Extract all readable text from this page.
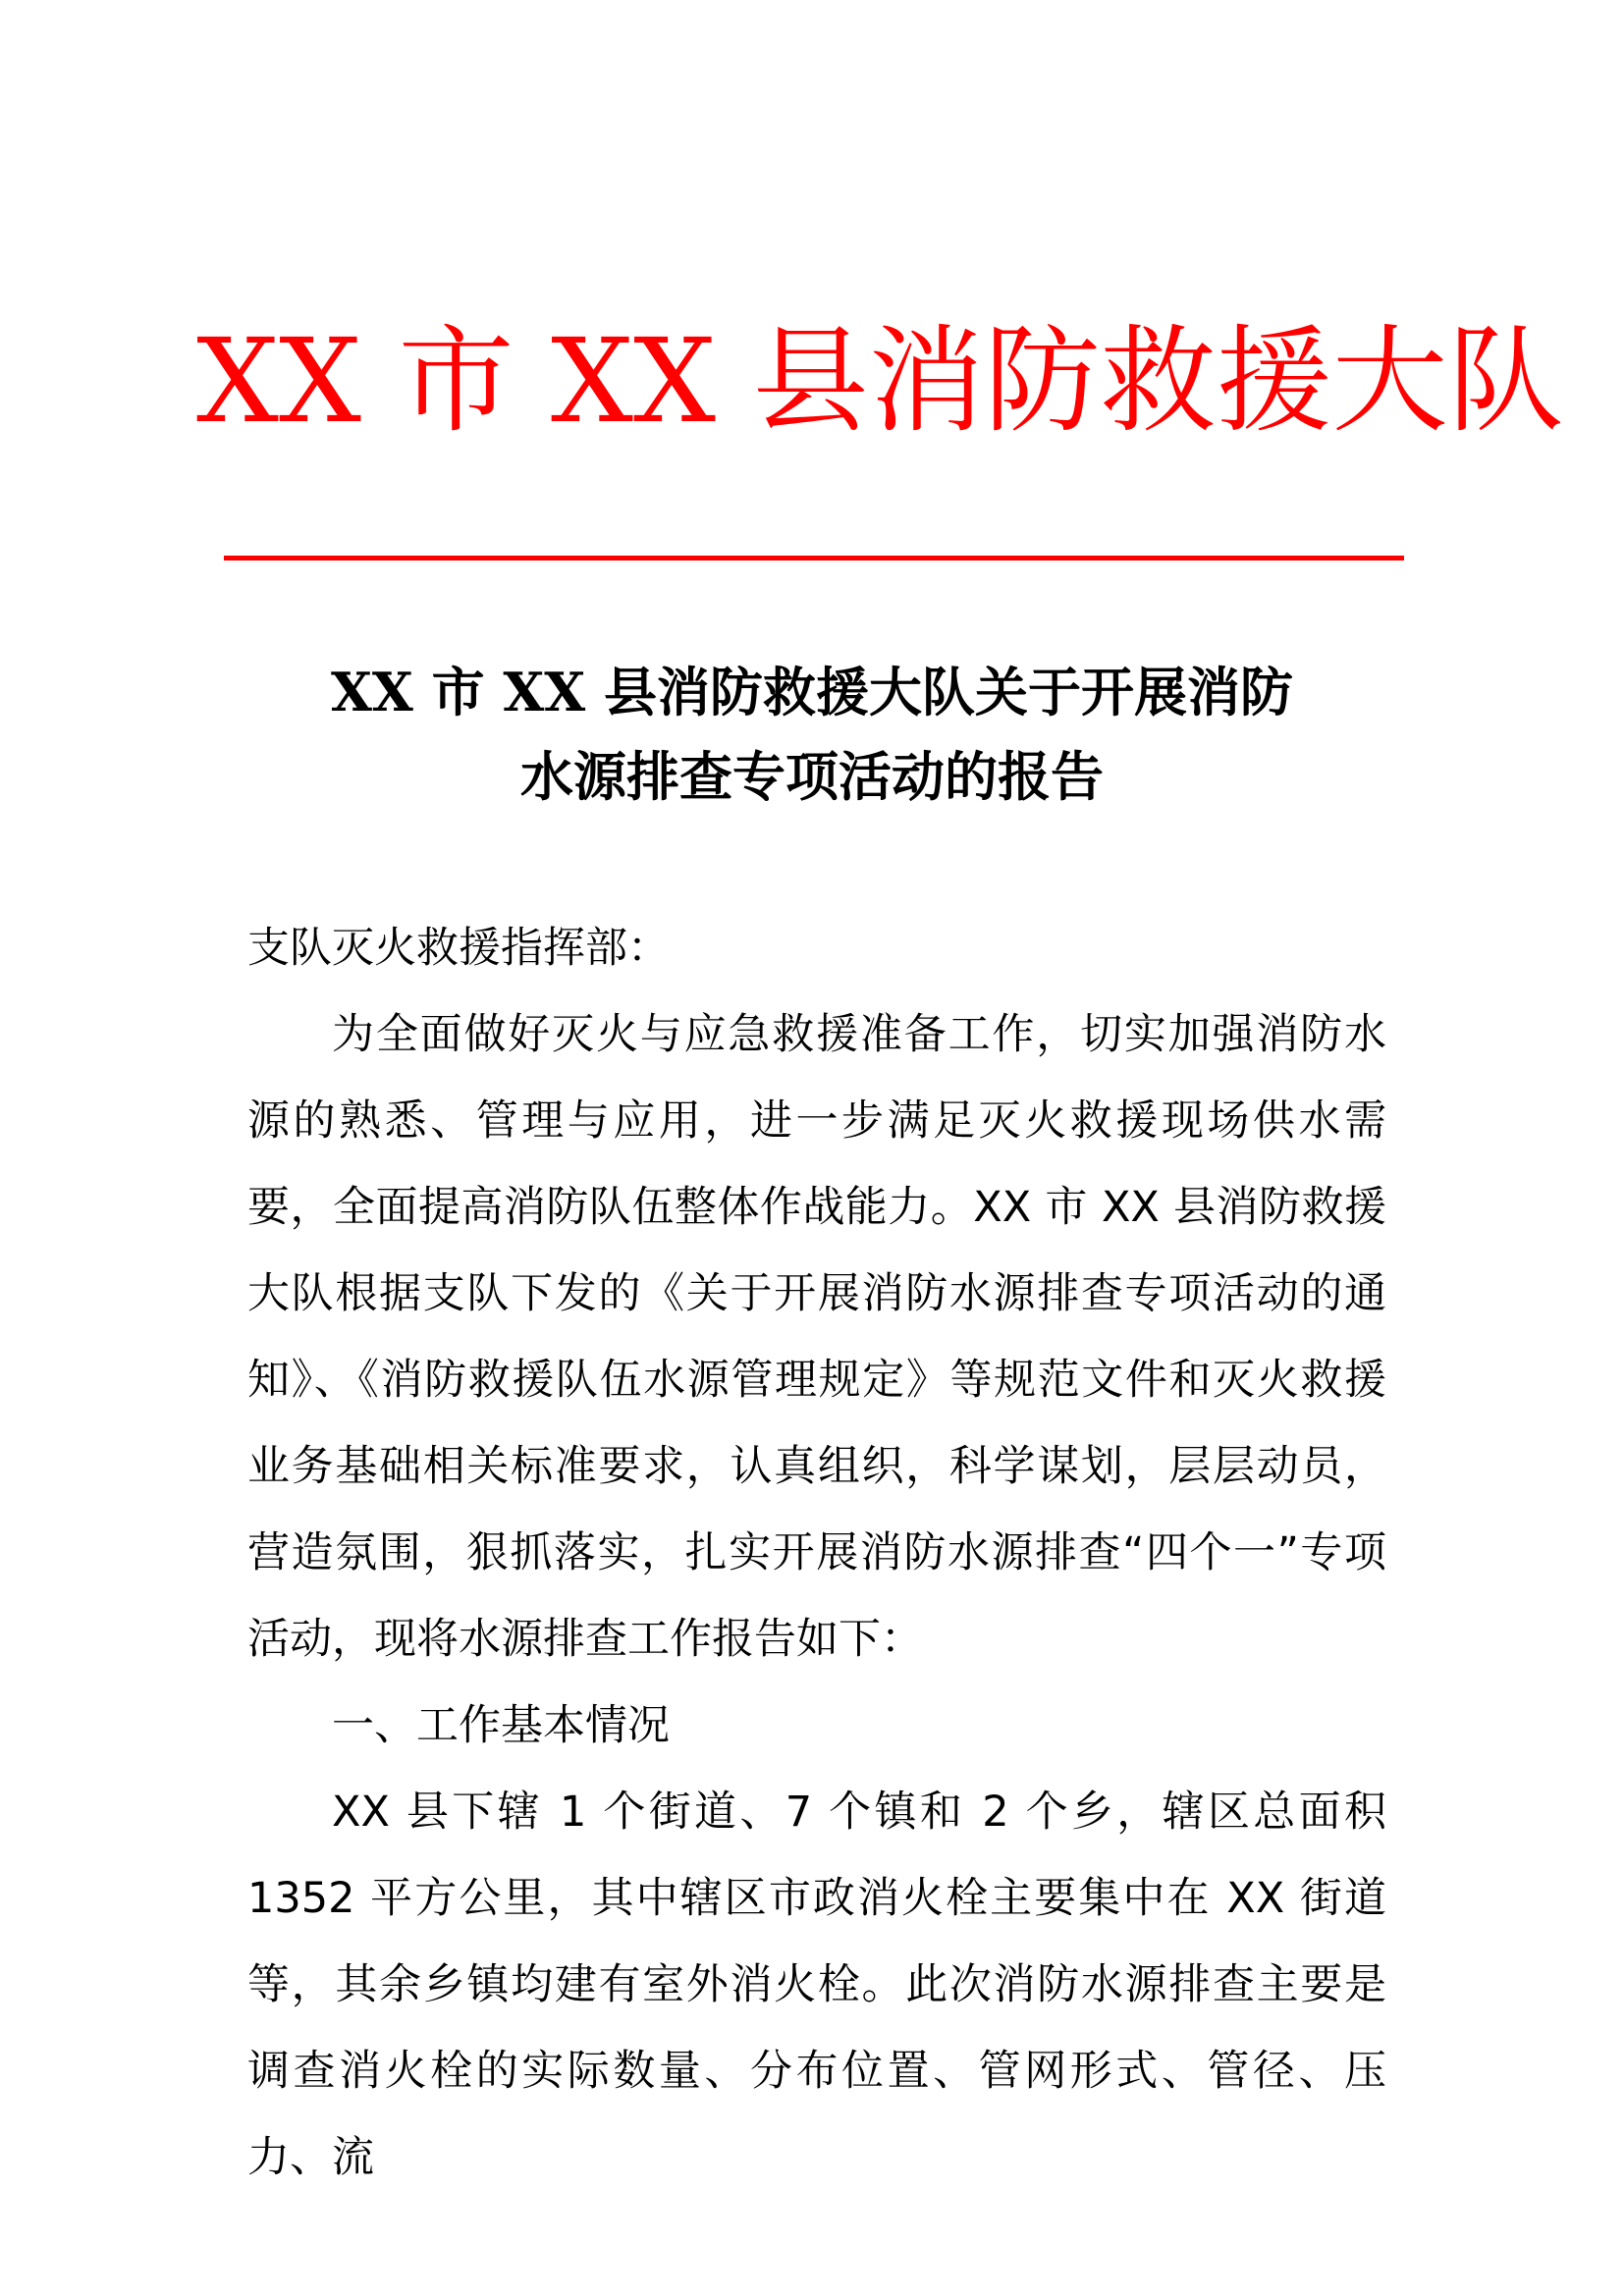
XX 市 XX 县消防救援大队
XX 市 XX 县消防救援大队关于开展消防
水源排查专项活动的报告

支队灭火救援指挥部：

为全面做好灭火与应急救援准备工作，切实加强消防水源的熟悉、管理与应用，进一步满足灭火救援现场供水需要，全面提高消防队伍整体作战能力。XX 市 XX 县消防救援大队根据支队下发的《关于开展消防水源排查专项活动的通知》、《消防救援队伍水源管理规定》等规范文件和灭火救援业务基础相关标准要求，认真组织，科学谋划，层层动员，营造氛围，狠抓落实，扎实开展消防水源排查“四个一”专项活动，现将水源排查工作报告如下：

一、工作基本情况

XX 县下辖 1 个街道、7 个镇和 2 个乡，辖区总面积 1352 平方公里，其中辖区市政消火栓主要集中在 XX 街道等，其余乡镇均建有室外消火栓。此次消防水源排查主要是调查消火栓的实际数量、分布位置、管网形式、管径、压力、流
